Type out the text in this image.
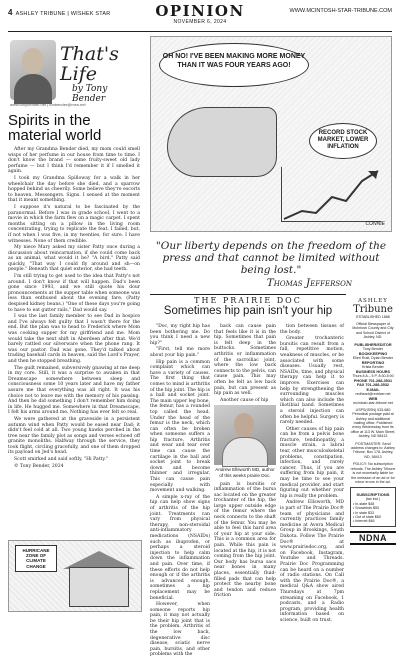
4 ASHLEY TRIBUNE | WISHEK STAR	OPINION
NOVEMBER 6, 2024
WWW.MCINTOSH-STAR-TRIBUNE.COM
That's Life
by Tony Bender
www.tonybender.net | tonbender@msn.net
Spirits in the material world

After my Grandma Bender died, my mom could smell wisps of her perfume in our house from time to time. I don't know the brand — some fruity-sweet old lady perfume — but I think I'd remember it if I smelled it again.

I took my Grandma Spilloway for a walk in her wheelchair the day before she died, and a sparrow hopped behind us cheerily. Some believe they're escorts to heaven. Messengers. Signs. I sensed at the moment that it meant something.

I suppose it's natural to be fascinated by the paranormal. Before I was in grade school, I went to a movie in which the farm flew on a magic carpet. I spent months sitting on a pillow in the living room concentrating, trying to replicate the feat. I failed, but, if not when I was five, in my twenties, for sure. I have witnesses. None of them credible.

My niece Mary asked my sister Patty once during a discussion about reincarnation, if she could come back as an animal, what would it be? "A bird," Patty said quickly, "That way I could fly around and sh—on people." Beneath that quiet exterior, she had teeth.

I'm still trying to get used to the idea that Patty's not around. I don't know if that will happen. Dad's been gone since 1993, and we still quote his dour pronouncements at the supper table when someone was less than enthused about the evening fare. (Patty despised kidney beans.) "One of these days you're going to have to eat gutter rails," Dad would say.

I was the last family member to see Dad in hospice and I've always felt guilty that I wasn't there for the end. But the plan was to head to Frederick where Mom was cooking supper for my girlfriend and me. Mom would take the next shift in Aberdeen after that. We'd barely rattled our silverware when the phone rang. It was our pastor. Dad was gone. They'd talked about trading baseball cards in heaven, said the Lord's Prayer, and then he stopped breathing.

The guilt remained, subversively gnawing at me deep in my core. Still, it was a surprise to awaken in that Dreamscape somewhere between sleep and consciousness some 10 years later and have my father assure me that everything was all right. It was his choice not to leave me with the memory of his passing. And then he did something I don't remember him doing in life. He hugged me. Somewhere in that Dreamscape, I felt his arms around me. Nothing has ever felt so real.

We were gathered at the graveside in a persistent autumn wind when Patty would be eased near Dad; it didn't feel cold at all. Two young hawks perched in the tree near the family plot as songs and verses echoed off granite monoliths. Halfway through the service, they took flight, circling gracefully, and one of them dropped its payload on Jed's head.

Scott smirked and said softly, "Hi Patty."

© Tony Bender, 2024

OH NO! I'VE BEEN MAKING MORE MONEY THAN IT WAS FOUR YEARS AGO!
RECORD STOCK MARKET, LOWER INFLATION
CONNIE
"Our liberty depends on the freedom of the press and that cannot be limited without being lost."
Thomas Jefferson
THE PRAIRIE DOC
Sometimes hip pain isn't your hip

"Doc, my right hip has been bothering me. Do you think I need a new hip?"

"First, tell me more about your hip pain."

Hip pain is a common complaint which can have a variety of causes. The first thing that comes to mind is arthritis of the hip joint. The hip is a ball and socket joint. The main upper leg bone, the femur, has a rounded top called the head. Under the head of the femur is the neck, which can often be broken when someone suffers a hip fracture. Arthritis and wear and tear over time can cause the cartilage in the ball and socket joint to break down and become thinner and irregular. This can cause pain especially with movement and walking.

A simple x-ray of the hip can help show signs of arthritis of the hip joint. Treatments can vary from physical therapy, non-steroidal anti-inflammatory medications (NSAIDs) such as ibuprofen, or perhaps a steroid injection to help calm down the inflammation and pain. Over time, if these efforts do not help enough or if the arthritis is advanced enough, sometimes a hip replacement may be beneficial.

However, when someone reports hip pain, it may not actually be their hip joint that is the problem. Arthritis of the low back, degenerative disc disease, sciatic nerve pain, bursitis, and other problems with the

back can cause pain that feels like it is in the hip. Sometimes that pain is felt deep in the buttocks. Sometimes arthritis or inflammation of the sacroiliac joint, where the low back connects to the pelvis, can cause pain. This may often be felt as low back pain, but can present as hip pain as well.

Another cause of hip

Andrew Ellsworth MD, author of this weeks prairie Doc.

pain is bursitis or inflammation of the bursa sac located on the greater trochanter of the hip, the large upper outside edge of the femur where the neck connects to the shaft of the femur. You may be able to feel this hard area of your hip at your side. This is a common area for pain. While this pain is located at the hip, it is not coming from the hip joint. Our body has bursa sacs near bones in many places, essentially fluid-filled pads that can help protect the nearby bone and tendon and reduce friction

tion between tissues of the body.

Greater trochanteric bursitis can result from a fall, repetitive motion, weakness of muscles, or be associated with some diseases. Usually rest, NSAIDs, time, and physical therapy can help it to improve. Exercises can help by strengthening the surrounding muscles which can also include the iliotibial band. Sometimes a steroid injection can often be helpful. Surgery is rarely needed.

Other causes of hip pain can be from a pelvis bone fracture, tendinopathy, a muscle strain, a labral tear, other musculoskeletal problems, constipation, infection, and rarely cancer. Thus, if you are suffering from hip pain, it may be time to see your medical provider, and start figuring out whether your hip is really the problem.

Andrew Ellsworth, MD is part of The Prairie Doc® team of physicians and currently practices family medicine at Avera Medical Group in Brookings, South Dakota. Follow The Prairie Doc® at www.prairiedoc.org, and on Facebook, Instagram, Youtube and Threads. Prairie Doc Programming can be heard on a number of radio stations. On Call with the Prairie Doc®, a medical Q&A show aired Thursdays at 7pm streaming on Facebook, 1 podcasts, and a Radio program, providing health information based on science, built on trust.

ASHLEY
Tribune
ESTABLISHED 1888
Official Newspaper of McIntosh County and City and School District of Ashley, ND.
PUBLISHER/EDITOR
Tony Bender
BOOKKEEPING
Ellen Rust, Dylan Bender
REPORTING
Krista Bender
BUSINESS HOURS
Thurs 8 A – 5 P, 8:30-5:00
PHONE 701-288-3531
FAX 701-288-3532
E-MAIL
redheart@redriver.net
WEB
mcintosh-star-tribune.net
USPS(ISSN) 033-680
Periodical postage paid at Ashley and additional mailing office. Published every Wednesday from its office at 113 W. Main Street, Ashley, ND 58413
POSTMASTER: Send address changes to: Ashley Tribune, Box 178, Ashley, ND, 58413
POLICY: No subscription refunds. The Ashley Tribune is not monetarily liable for the omission of an ad or for minor errors in the ad.
SUBSCRIPTIONS
(tax incl.)
• In-state $48
• Snowbirds $50
• In state $33
• Out of state $60
• Internet $46
NDNA
HURRICANE ZONE OF CLIMATE CHANGE
